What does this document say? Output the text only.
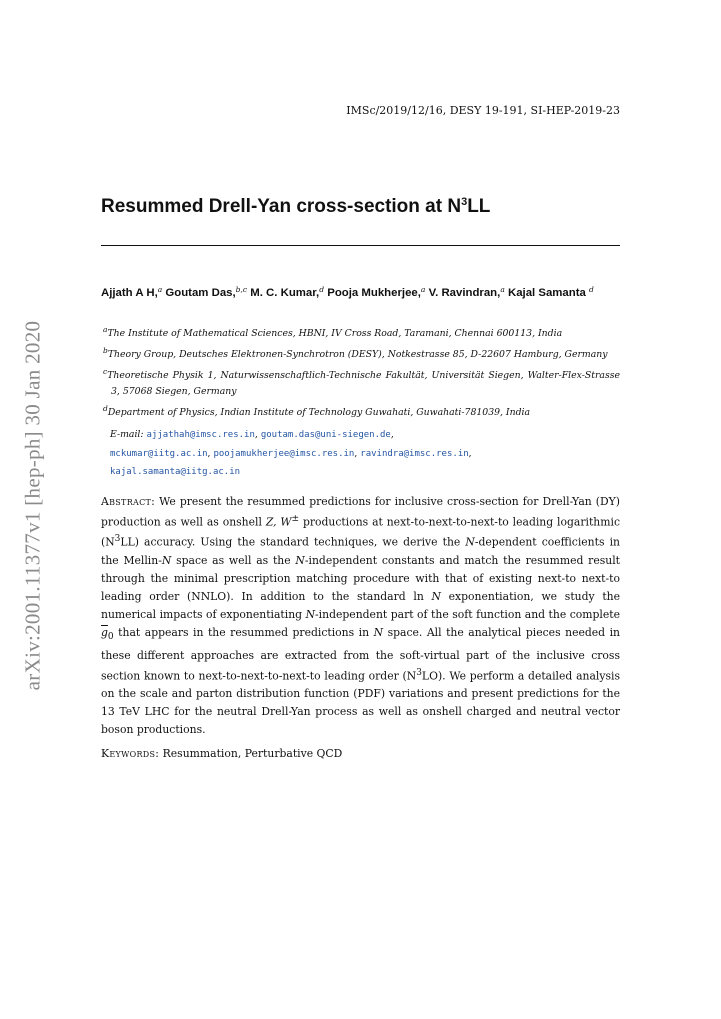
IMSc/2019/12/16, DESY 19-191, SI-HEP-2019-23
arXiv:2001.11377v1 [hep-ph] 30 Jan 2020
Resummed Drell-Yan cross-section at $N^3LL$
Ajjath A H,$^a$ Goutam Das,$^{b,c}$ M. C. Kumar,$^d$ Pooja Mukherjee,$^a$ V. Ravindran,$^a$ Kajal Samanta $^d$
$^a$The Institute of Mathematical Sciences, HBNI, IV Cross Road, Taramani, Chennai 600113, India
$^b$Theory Group, Deutsches Elektronen-Synchrotron (DESY), Notkestrasse 85, D-22607 Hamburg, Germany
$^c$Theoretische Physik 1, Naturwissenschaftlich-Technische Fakultät, Universität Siegen, Walter-Flex-Strasse 3, 57068 Siegen, Germany
$^d$Department of Physics, Indian Institute of Technology Guwahati, Guwahati-781039, India
E-mail: ajjathah@imsc.res.in, goutam.das@uni-siegen.de,
mckumar@iitg.ac.in, poojamukherjee@imsc.res.in, ravindra@imsc.res.in,
kajal.samanta@iitg.ac.in
Abstract: We present the resummed predictions for inclusive cross-section for Drell-Yan (DY) production as well as onshell Z, W± productions at next-to-next-to-next-to leading logarithmic $(N^3LL)$ accuracy. Using the standard techniques, we derive the N-dependent coefficients in the Mellin-N space as well as the N-independent constants and match the resummed result through the minimal prescription matching procedure with that of existing next-to next-to leading order (NNLO). In addition to the standard ln N exponentiation, we study the numerical impacts of exponentiating N-independent part of the soft function and the complete $\overline{g}_0$ that appears in the resummed predictions in N space. All the analytical pieces needed in these different approaches are extracted from the soft-virtual part of the inclusive cross section known to next-to-next-to-next-to leading order $(N^3LO)$. We perform a detailed analysis on the scale and parton distribution function (PDF) variations and present predictions for the 13 TeV LHC for the neutral Drell-Yan process as well as onshell charged and neutral vector boson productions.
Keywords: Resummation, Perturbative QCD
